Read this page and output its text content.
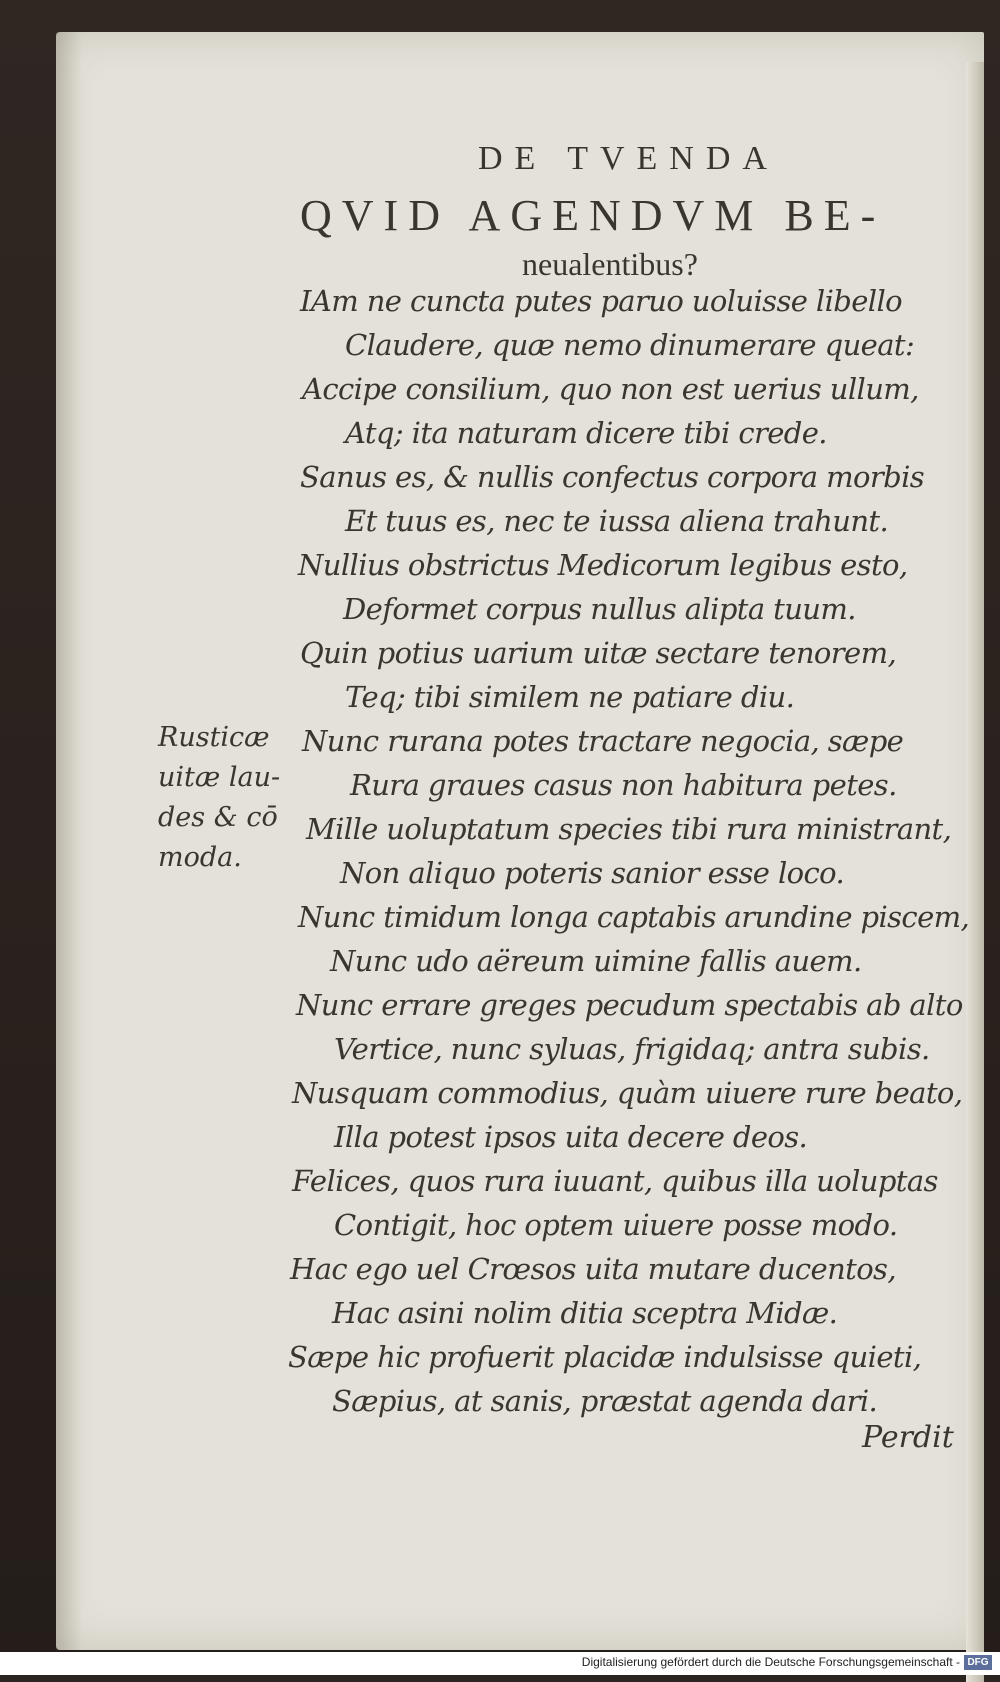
DE TVENDA
QVID AGENDVM BE-
neualentibus?
IAm ne cuncta putes paruo uoluisse libello
Claudere, quæ nemo dinumerare queat:
Accipe consilium, quo non est uerius ullum,
Atq; ita naturam dicere tibi crede.
Sanus es, & nullis confectus corpora morbis
Et tuus es, nec te iussa aliena trahunt.
Nullius obstrictus Medicorum legibus esto,
Deformet corpus nullus alipta tuum.
Quin potius uarium uitæ sectare tenorem,
Teq; tibi similem ne patiare diu.
Nunc rurana potes tractare negocia, sæpe
Rura graues casus non habitura petes.
Mille uoluptatum species tibi rura ministrant,
Non aliquo poteris sanior esse loco.
Nunc timidum longa captabis arundine piscem,
Nunc udo aëreum uimine fallis auem.
Nunc errare greges pecudum spectabis ab alto
Vertice, nunc syluas, frigidaq; antra subis.
Nusquam commodius, quàm uiuere rure beato,
Illa potest ipsos uita decere deos.
Felices, quos rura iuuant, quibus illa uoluptas
Contigit, hoc optem uiuere posse modo.
Hac ego uel Crœsos uita mutare ducentos,
Hac asini nolim ditia sceptra Midæ.
Sæpe hic profuerit placidæ indulsisse quieti,
Sæpius, at sanis, præstat agenda dari.
Rusticæ
uitæ lau-
des & cō
moda.
Perdit
Digitalisierung gefördert durch die Deutsche Forschungsgemeinschaft - DFG
